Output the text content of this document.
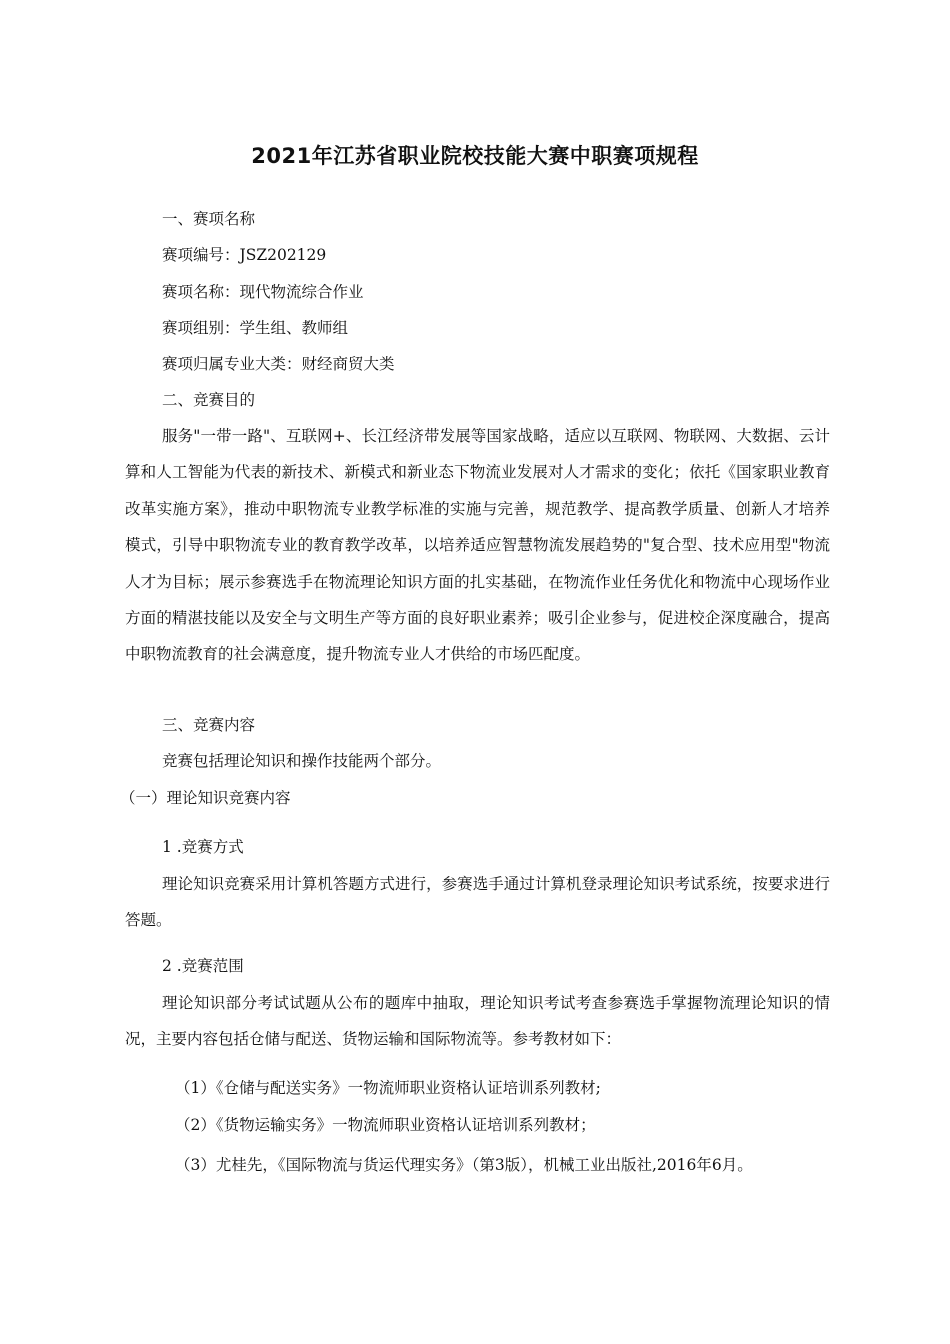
2021年江苏省职业院校技能大赛中职赛项规程
一、赛项名称
赛项编号：JSZ202129
赛项名称：现代物流综合作业
赛项组别：学生组、教师组
赛项归属专业大类：财经商贸大类
二、竞赛目的
服务"一带一路"、互联网+、长江经济带发展等国家战略，适应以互联网、物联网、大数据、云计算和人工智能为代表的新技术、新模式和新业态下物流业发展对人才需求的变化；依托《国家职业教育改革实施方案》，推动中职物流专业教学标准的实施与完善，规范教学、提高教学质量、创新人才培养模式，引导中职物流专业的教育教学改革，以培养适应智慧物流发展趋势的"复合型、技术应用型"物流人才为目标；展示参赛选手在物流理论知识方面的扎实基础，在物流作业任务优化和物流中心现场作业方面的精湛技能以及安全与文明生产等方面的良好职业素养；吸引企业参与，促进校企深度融合，提高中职物流教育的社会满意度，提升物流专业人才供给的市场匹配度。
三、竞赛内容
竞赛包括理论知识和操作技能两个部分。
（一）理论知识竞赛内容
1 .竞赛方式
理论知识竞赛采用计算机答题方式进行，参赛选手通过计算机登录理论知识考试系统，按要求进行答题。
2 .竞赛范围
理论知识部分考试试题从公布的题库中抽取，理论知识考试考查参赛选手掌握物流理论知识的情况，主要内容包括仓储与配送、货物运输和国际物流等。参考教材如下：
（1）《仓储与配送实务》一物流师职业资格认证培训系列教材;
（2）《货物运输实务》一物流师职业资格认证培训系列教材；
（3）尤桂先，《国际物流与货运代理实务》（第3版），机械工业出版社,2016年6月。
